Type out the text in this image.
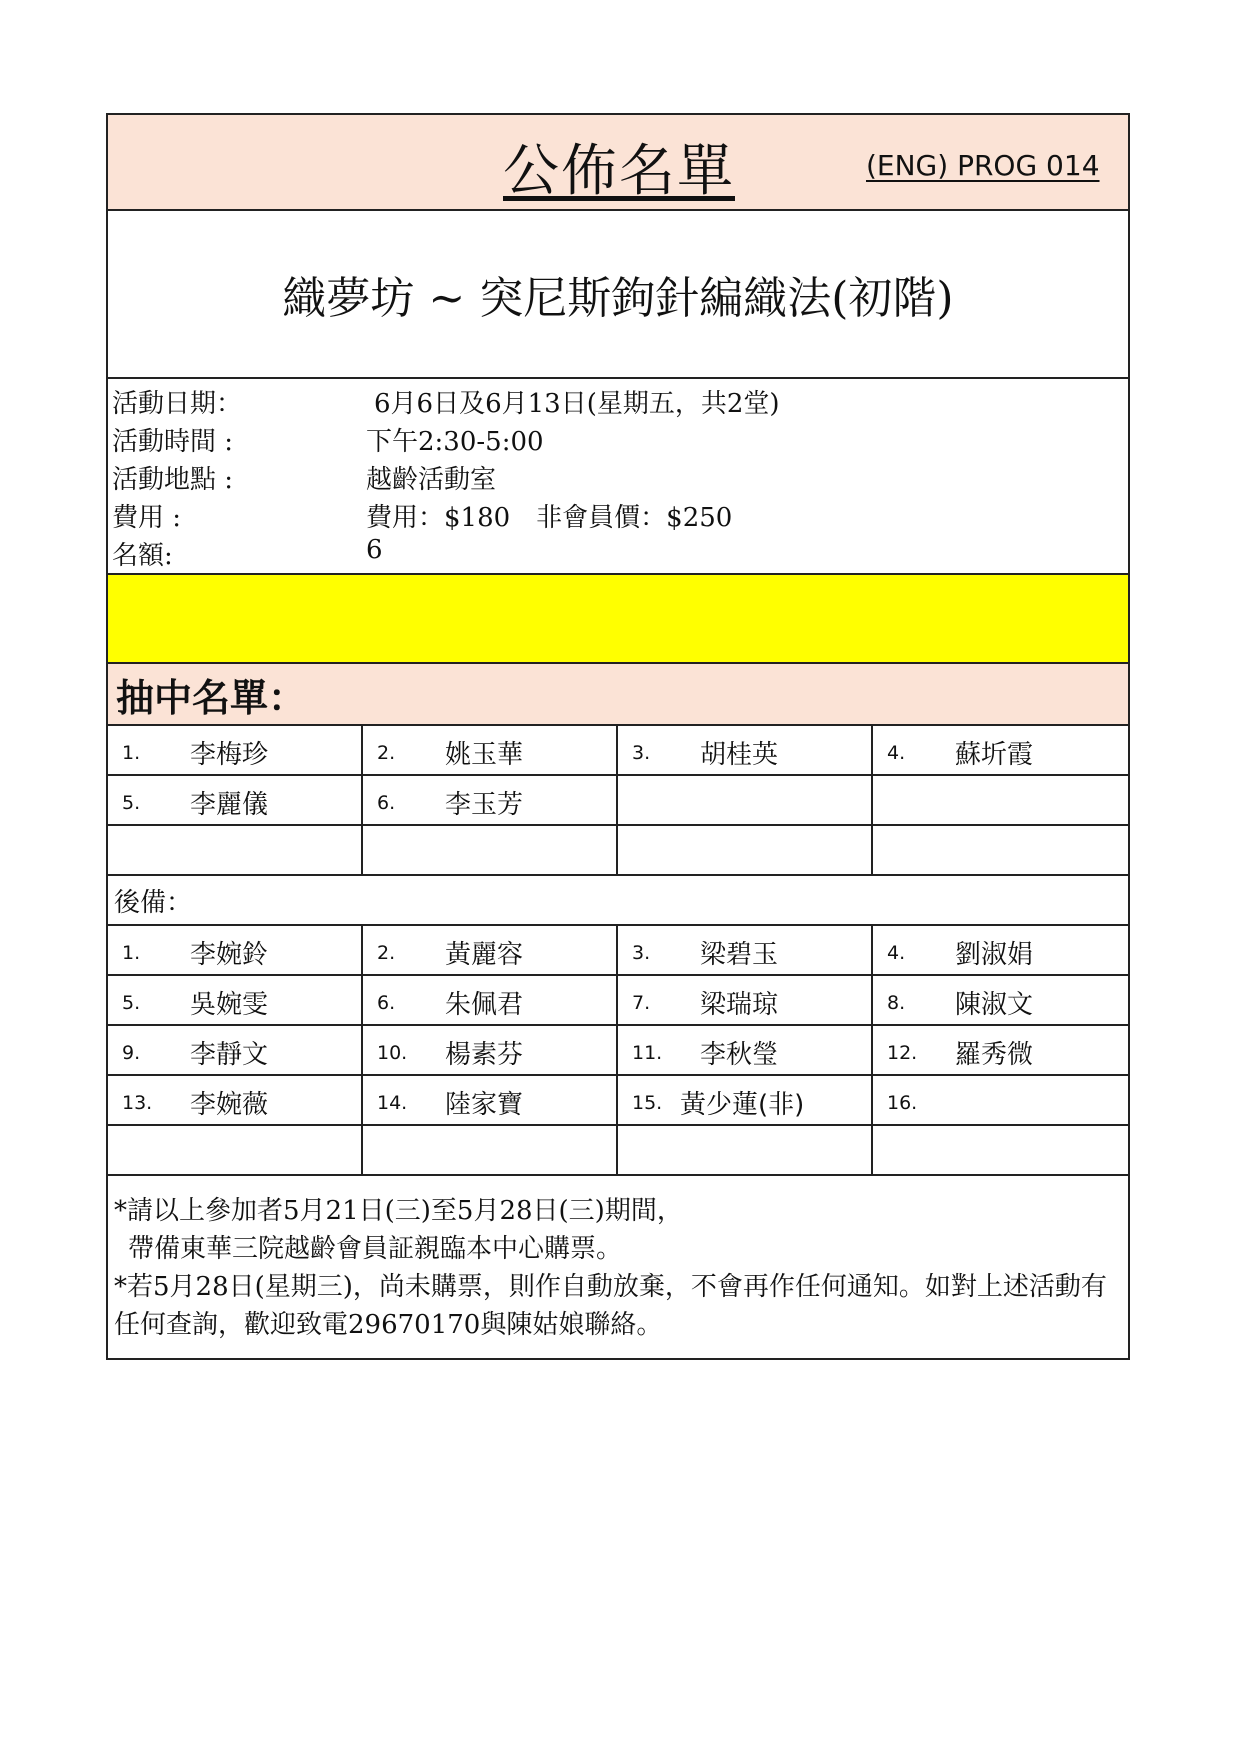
公佈名單	(ENG) PROG 014
織夢坊 ~ 突尼斯鉤針編織法(初階)
活動日期：	6月6日及6月13日(星期五，共2堂)
活動時間 :	下午2:30-5:00
活動地點 :	越齡活動室
費用 :	費用：$180　非會員價：$250
名額:	6
抽中名單：
1. 李梅珍	2. 姚玉華	3. 胡桂英	4. 蘇圻霞
5. 李麗儀	6. 李玉芳
後備：
1. 李婉鈴	2. 黃麗容	3. 梁碧玉	4. 劉淑娟
5. 吳婉雯	6. 朱佩君	7. 梁瑞琼	8. 陳淑文
9. 李靜文	10. 楊素芬	11. 李秋瑩	12. 羅秀微
13. 李婉薇	14. 陸家寶	15. 黃少蓮(非)	16.

*請以上參加者5月21日(三)至5月28日(三)期間，

帶備東華三院越齡會員証親臨本中心購票。

*若5月28日(星期三)，尚未購票，則作自動放棄，不會再作任何通知。如對上述活動有任何查詢，歡迎致電29670170與陳姑娘聯絡。
